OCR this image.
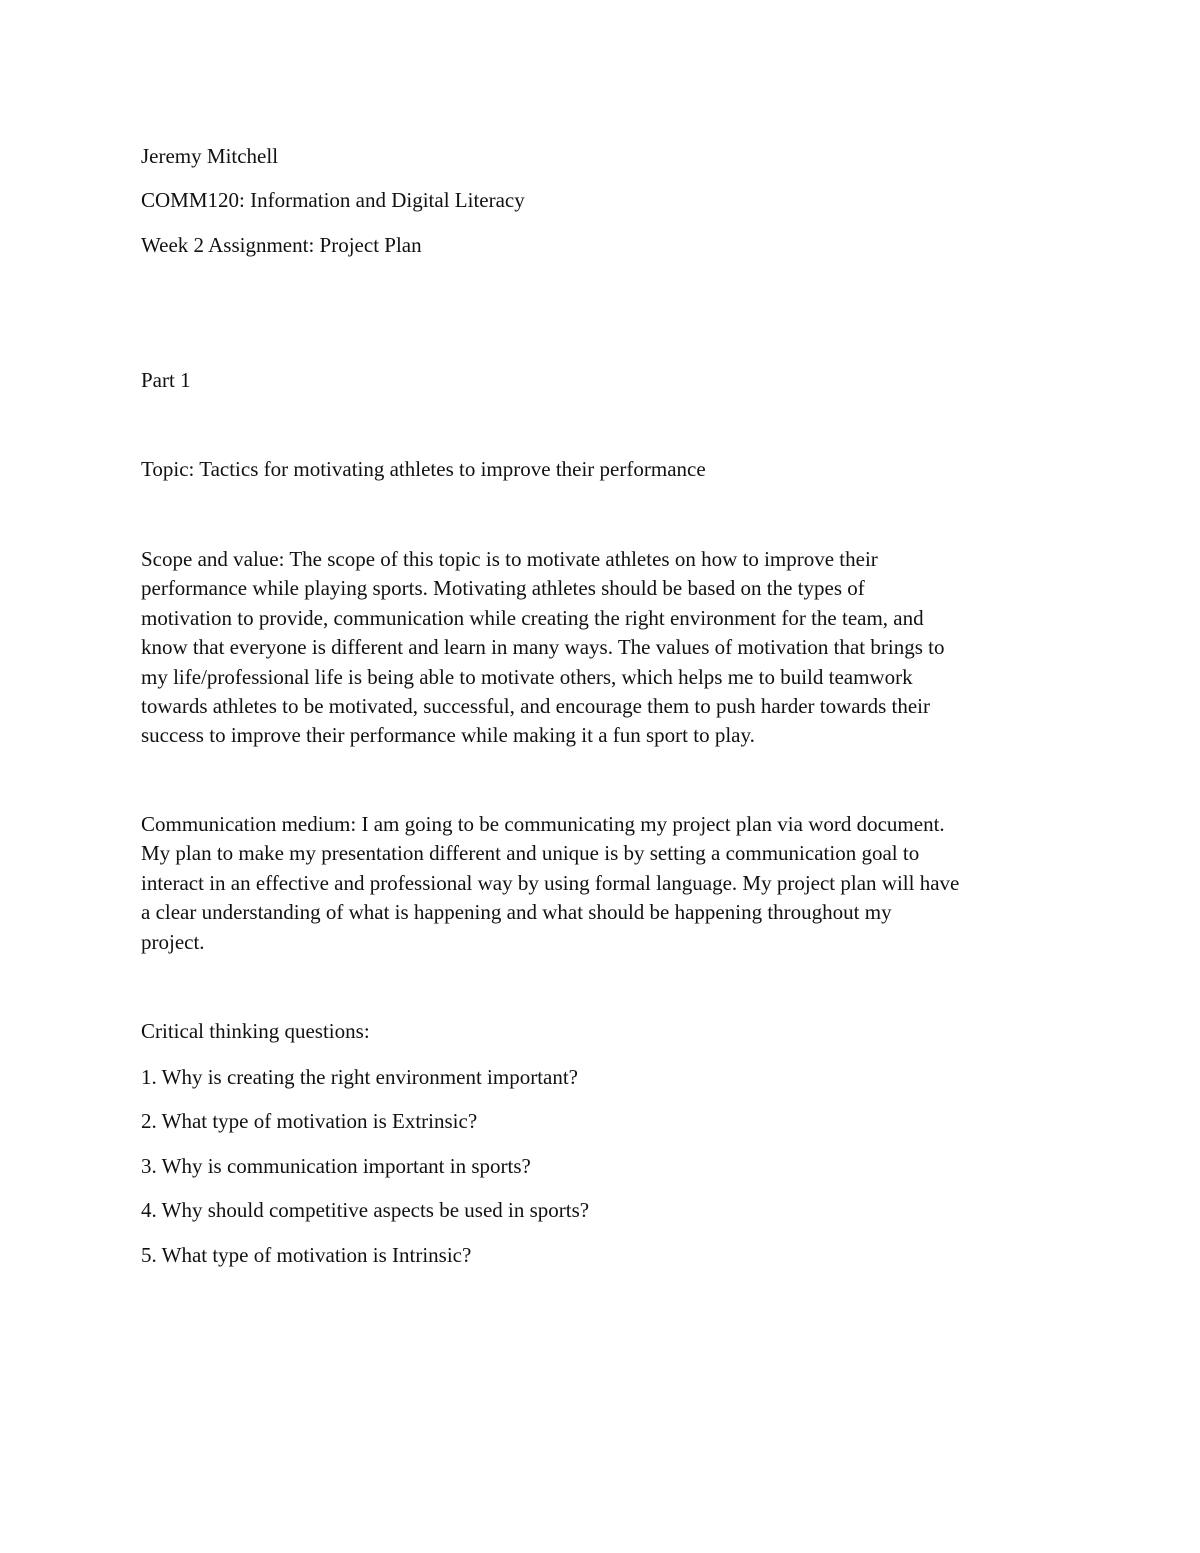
Jeremy Mitchell

COMM120: Information and Digital Literacy

Week 2 Assignment: Project Plan

Part 1

Topic: Tactics for motivating athletes to improve their performance

Scope and value: The scope of this topic is to motivate athletes on how to improve their
performance while playing sports. Motivating athletes should be based on the types of
motivation to provide, communication while creating the right environment for the team, and
know that everyone is different and learn in many ways. The values of motivation that brings to
my life/professional life is being able to motivate others, which helps me to build teamwork
towards athletes to be motivated, successful, and encourage them to push harder towards their
success to improve their performance while making it a fun sport to play.
Communication medium: I am going to be communicating my project plan via word document.
My plan to make my presentation different and unique is by setting a communication goal to
interact in an effective and professional way by using formal language. My project plan will have
a clear understanding of what is happening and what should be happening throughout my
project.

Critical thinking questions:

1. Why is creating the right environment important?

2. What type of motivation is Extrinsic?

3. Why is communication important in sports?

4. Why should competitive aspects be used in sports?

5. What type of motivation is Intrinsic?
